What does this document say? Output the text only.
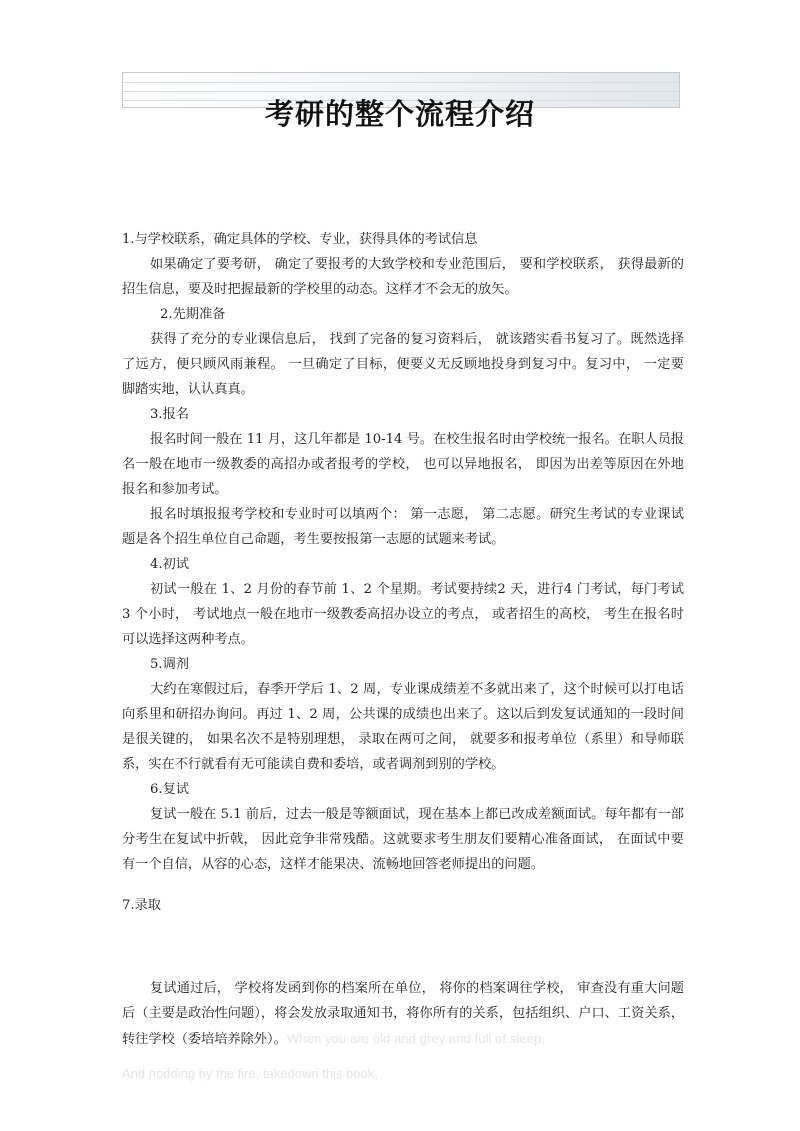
考研的整个流程介绍

1.与学校联系，确定具体的学校、专业，获得具体的考试信息

如果确定了要考研， 确定了要报考的大致学校和专业范围后， 要和学校联系， 获得最新的招生信息，要及时把握最新的学校里的动态。这样才不会无的放矢。

2.先期准备

获得了充分的专业课信息后， 找到了完备的复习资料后， 就该踏实看书复习了。既然选择了远方，便只顾风雨兼程。 一旦确定了目标，便要义无反顾地投身到复习中。复习中， 一定要脚踏实地，认认真真。

3.报名

报名时间一般在 11 月，这几年都是 10-14 号。在校生报名时由学校统一报名。在职人员报名一般在地市一级教委的高招办或者报考的学校， 也可以异地报名， 即因为出差等原因在外地报名和参加考试。

报名时填报报考学校和专业时可以填两个： 第一志愿， 第二志愿。研究生考试的专业课试题是各个招生单位自己命题，考生要按报第一志愿的试题来考试。

4.初试

初试一般在 1、2 月份的春节前 1、2 个星期。考试要持续2 天，进行4 门考试，每门考试 3 个小时， 考试地点一般在地市一级教委高招办设立的考点， 或者招生的高校， 考生在报名时可以选择这两种考点。

5.调剂

大约在寒假过后，春季开学后 1、2 周，专业课成绩差不多就出来了，这个时候可以打电话向系里和研招办询问。再过 1、2 周，公共课的成绩也出来了。这以后到发复试通知的一段时间是很关键的， 如果名次不是特别理想， 录取在两可之间， 就要多和报考单位（系里）和导师联系，实在不行就看有无可能读自费和委培，或者调剂到别的学校。

6.复试

复试一般在 5.1 前后，过去一般是等额面试，现在基本上都已改成差额面试。每年都有一部分考生在复试中折戟， 因此竞争非常残酷。这就要求考生朋友们要精心准备面试， 在面试中要有一个自信，从容的心态，这样才能果决、流畅地回答老师提出的问题。

7.录取

复试通过后， 学校将发函到你的档案所在单位， 将你的档案调往学校， 审查没有重大问题后（主要是政治性问题），将会发放录取通知书，将你所有的关系，包括组织、户口、工资关系，转往学校（委培培养除外）。When you are old and grey and full of sleep,

And nodding by the fire, takedown this book,
